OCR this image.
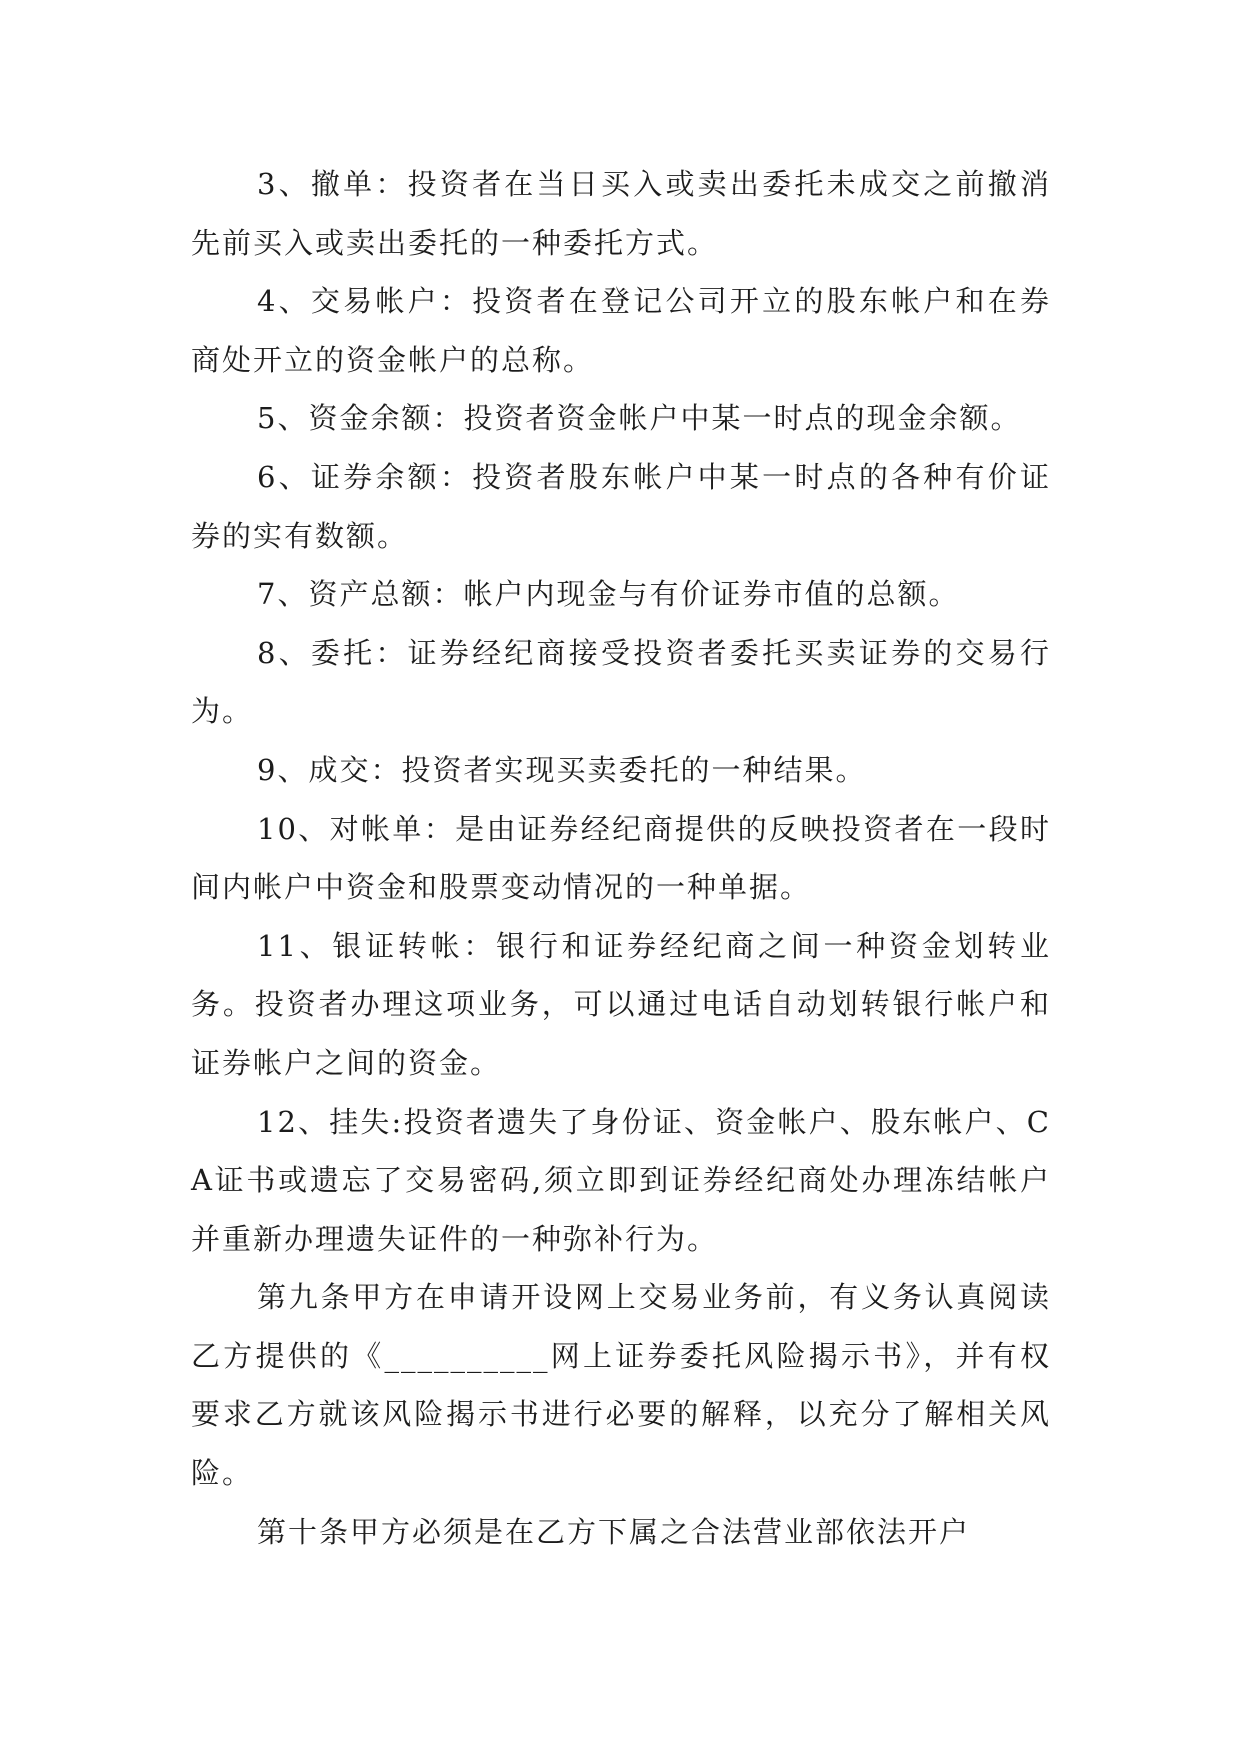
3、撤单：投资者在当日买入或卖出委托未成交之前撤消先前买入或卖出委托的一种委托方式。

4、交易帐户：投资者在登记公司开立的股东帐户和在券商处开立的资金帐户的总称。

5、资金余额：投资者资金帐户中某一时点的现金余额。

6、证券余额：投资者股东帐户中某一时点的各种有价证券的实有数额。

7、资产总额：帐户内现金与有价证券市值的总额。

8、委托：证券经纪商接受投资者委托买卖证券的交易行为。

9、成交：投资者实现买卖委托的一种结果。

10、对帐单：是由证券经纪商提供的反映投资者在一段时间内帐户中资金和股票变动情况的一种单据。

11、银证转帐：银行和证券经纪商之间一种资金划转业务。投资者办理这项业务，可以通过电话自动划转银行帐户和证券帐户之间的资金。

12、挂失:投资者遗失了身份证、资金帐户、股东帐户、CA证书或遗忘了交易密码,须立即到证券经纪商处办理冻结帐户并重新办理遗失证件的一种弥补行为。

第九条甲方在申请开设网上交易业务前，有义务认真阅读乙方提供的《__________网上证券委托风险揭示书》，并有权要求乙方就该风险揭示书进行必要的解释，以充分了解相关风险。

第十条甲方必须是在乙方下属之合法营业部依法开户
